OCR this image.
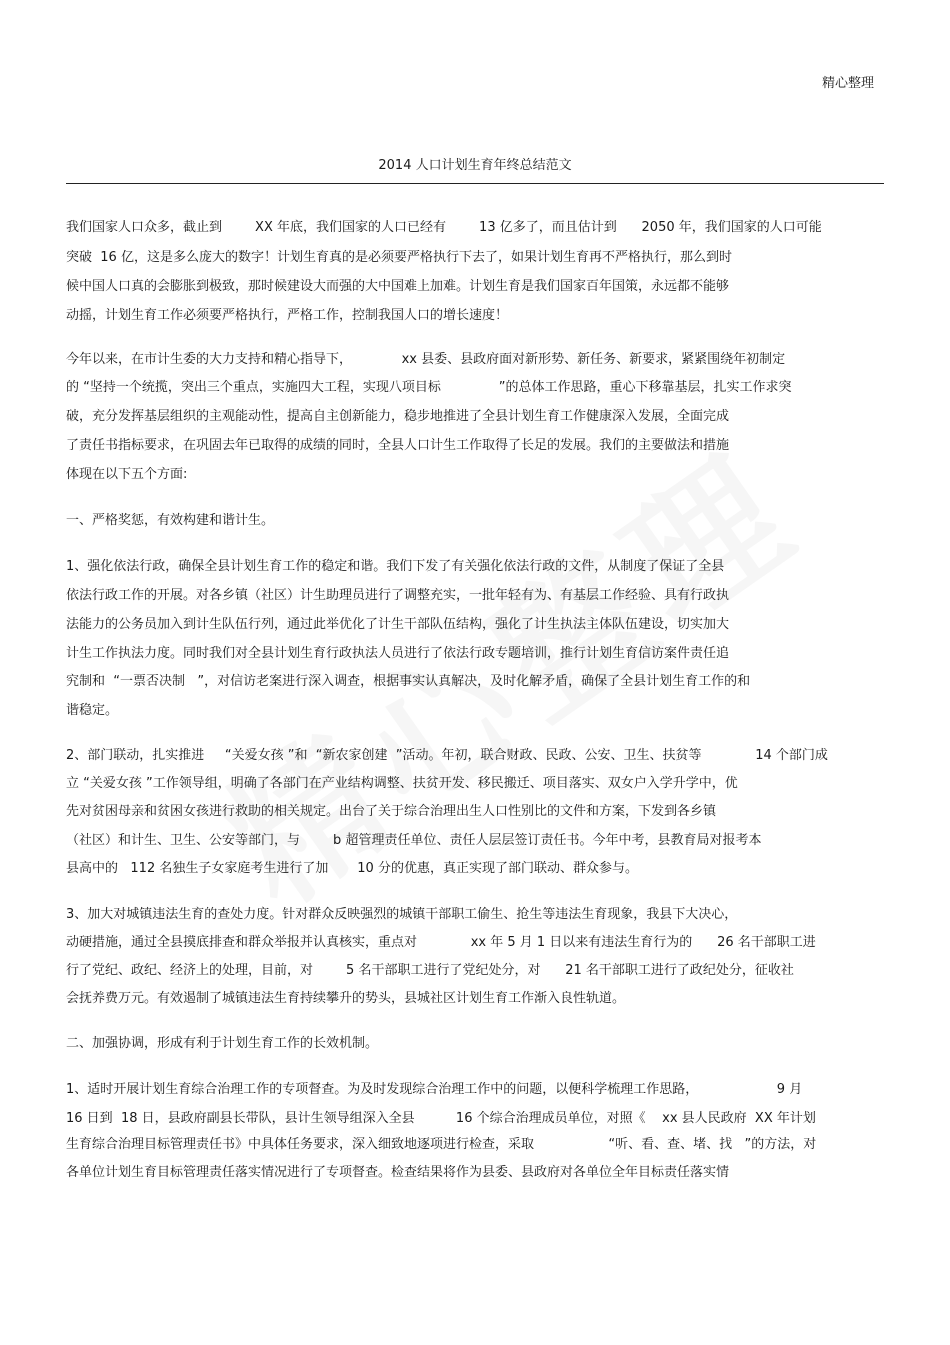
精心整理
2014 人口计划生育年终总结范文
我们国家人口众多，截止到        XX 年底，我们国家的人口已经有        13 亿多了，而且估计到      2050 年，我们国家的人口可能
突破  16 亿，这是多么庞大的数字！计划生育真的是必须要严格执行下去了，如果计划生育再不严格执行，那么到时
候中国人口真的会膨胀到极致，那时候建设大而强的大中国难上加难。计划生育是我们国家百年国策，永远都不能够
动摇，计划生育工作必须要严格执行，严格工作，控制我国人口的增长速度！
今年以来，在市计生委的大力支持和精心指导下，            xx 县委、县政府面对新形势、新任务、新要求，紧紧围绕年初制定
的 “坚持一个统揽，突出三个重点，实施四大工程，实现八项目标              ”的总体工作思路，重心下移靠基层，扎实工作求突
破，充分发挥基层组织的主观能动性，提高自主创新能力，稳步地推进了全县计划生育工作健康深入发展，全面完成
了责任书指标要求，在巩固去年已取得的成绩的同时，全县人口计生工作取得了长足的发展。我们的主要做法和措施
体现在以下五个方面:
一、严格奖惩，有效构建和谐计生。
1、强化依法行政，确保全县计划生育工作的稳定和谐。我们下发了有关强化依法行政的文件，从制度了保证了全县
依法行政工作的开展。对各乡镇（社区）计生助理员进行了调整充实，一批年轻有为、有基层工作经验、具有行政执
法能力的公务员加入到计生队伍行列，通过此举优化了计生干部队伍结构，强化了计生执法主体队伍建设，切实加大
计生工作执法力度。同时我们对全县计划生育行政执法人员进行了依法行政专题培训，推行计划生育信访案件责任追
究制和  “一票否决制   ”，对信访老案进行深入调查，根据事实认真解决，及时化解矛盾，确保了全县计划生育工作的和
谐稳定。
2、部门联动，扎实推进     “关爱女孩 ”和  “新农家创建  ”活动。年初，联合财政、民政、公安、卫生、扶贫等             14 个部门成
立 “关爱女孩 ”工作领导组，明确了各部门在产业结构调整、扶贫开发、移民搬迁、项目落实、双女户入学升学中，优
先对贫困母亲和贫困女孩进行救助的相关规定。出台了关于综合治理出生人口性别比的文件和方案，下发到各乡镇
（社区）和计生、卫生、公安等部门，与        b 超管理责任单位、责任人层层签订责任书。今年中考，县教育局对报考本
县高中的   112 名独生子女家庭考生进行了加       10 分的优惠，真正实现了部门联动、群众参与。
3、加大对城镇违法生育的查处力度。针对群众反映强烈的城镇干部职工偷生、抢生等违法生育现象，我县下大决心，
动硬措施，通过全县摸底排查和群众举报并认真核实，重点对             xx 年 5 月 1 日以来有违法生育行为的      26 名干部职工进
行了党纪、政纪、经济上的处理，目前，对        5 名干部职工进行了党纪处分，对      21 名干部职工进行了政纪处分，征收社
会抚养费万元。有效遏制了城镇违法生育持续攀升的势头，县城社区计划生育工作渐入良性轨道。
二、加强协调，形成有利于计划生育工作的长效机制。
1、适时开展计划生育综合治理工作的专项督查。为及时发现综合治理工作中的问题，以便科学梳理工作思路，                   9 月
16 日到  18 日，县政府副县长带队，县计生领导组深入全县          16 个综合治理成员单位，对照《    xx 县人民政府  XX 年计划
生育综合治理目标管理责任书》中具体任务要求，深入细致地逐项进行检查，采取                  “听、看、查、堵、找   ”的方法，对
各单位计划生育目标管理责任落实情况进行了专项督查。检查结果将作为县委、县政府对各单位全年目标责任落实情
